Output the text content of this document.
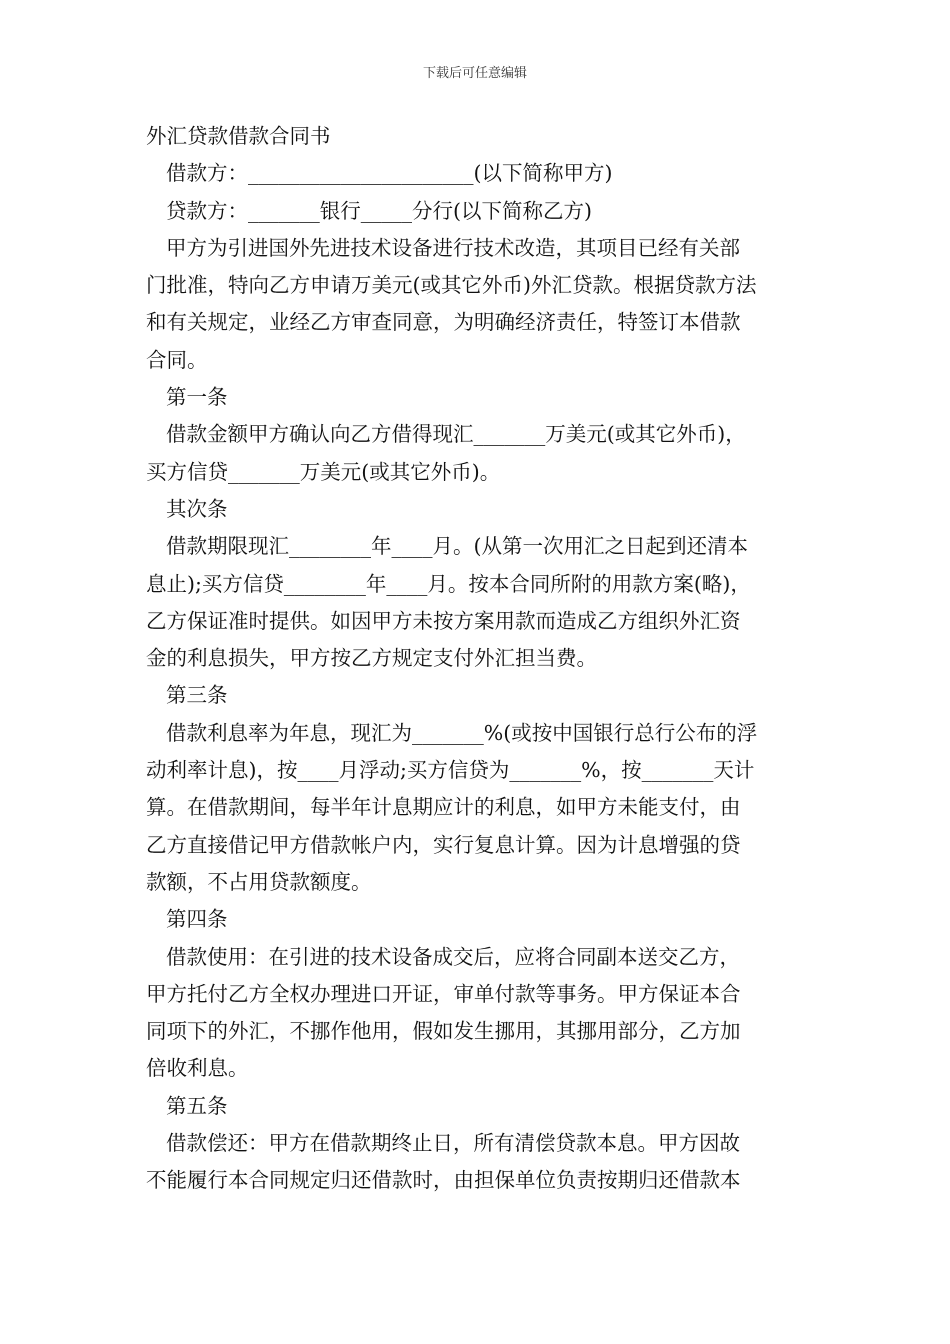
下载后可任意编辑
外汇贷款借款合同书
借款方：______________________(以下简称甲方)
贷款方：_______银行_____分行(以下简称乙方)
甲方为引进国外先进技术设备进行技术改造，其项目已经有关部
门批准，特向乙方申请万美元(或其它外币)外汇贷款。根据贷款方法
和有关规定，业经乙方审查同意，为明确经济责任，特签订本借款
合同。
第一条
借款金额甲方确认向乙方借得现汇_______万美元(或其它外币)，
买方信贷_______万美元(或其它外币)。
其次条
借款期限现汇________年____月。(从第一次用汇之日起到还清本
息止);买方信贷________年____月。按本合同所附的用款方案(略)，
乙方保证准时提供。如因甲方未按方案用款而造成乙方组织外汇资
金的利息损失，甲方按乙方规定支付外汇担当费。
第三条
借款利息率为年息，现汇为_______%(或按中国银行总行公布的浮
动利率计息)，按____月浮动;买方信贷为_______%，按_______天计
算。在借款期间，每半年计息期应计的利息，如甲方未能支付，由
乙方直接借记甲方借款帐户内，实行复息计算。因为计息增强的贷
款额，不占用贷款额度。
第四条
借款使用：在引进的技术设备成交后，应将合同副本送交乙方，
甲方托付乙方全权办理进口开证，审单付款等事务。甲方保证本合
同项下的外汇，不挪作他用，假如发生挪用，其挪用部分，乙方加
倍收利息。
第五条
借款偿还：甲方在借款期终止日，所有清偿贷款本息。甲方因故
不能履行本合同规定归还借款时，由担保单位负责按期归还借款本
